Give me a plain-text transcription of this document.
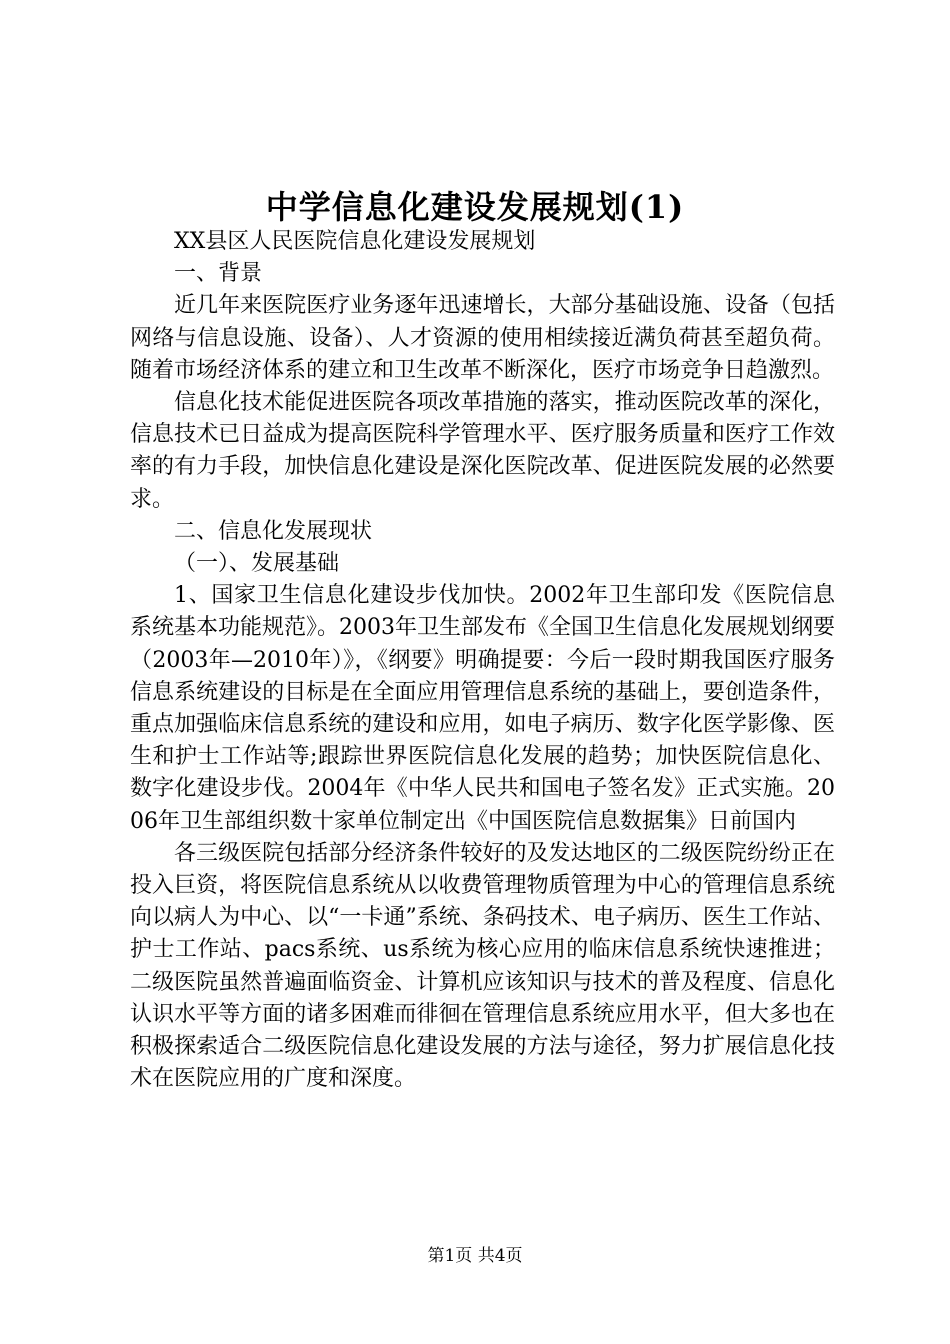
中学信息化建设发展规划(1)

XX县区人民医院信息化建设发展规划

一、背景

近几年来医院医疗业务逐年迅速增长，大部分基础设施、设备（包括网络与信息设施、设备）、人才资源的使用相续接近满负荷甚至超负荷。随着市场经济体系的建立和卫生改革不断深化，医疗市场竞争日趋激烈。

信息化技术能促进医院各项改革措施的落实，推动医院改革的深化，信息技术已日益成为提高医院科学管理水平、医疗服务质量和医疗工作效率的有力手段，加快信息化建设是深化医院改革、促进医院发展的必然要求。

二、信息化发展现状

（一）、发展基础

1、国家卫生信息化建设步伐加快。2002年卫生部印发《医院信息系统基本功能规范》。2003年卫生部发布《全国卫生信息化发展规划纲要（2003年—2010年）》，《纲要》明确提要：今后一段时期我国医疗服务信息系统建设的目标是在全面应用管理信息系统的基础上，要创造条件，重点加强临床信息系统的建设和应用，如电子病历、数字化医学影像、医生和护士工作站等;跟踪世界医院信息化发展的趋势；加快医院信息化、数字化建设步伐。2004年《中华人民共和国电子签名发》正式实施。2006年卫生部组织数十家单位制定出《中国医院信息数据集》日前国内

各三级医院包括部分经济条件较好的及发达地区的二级医院纷纷正在投入巨资，将医院信息系统从以收费管理物质管理为中心的管理信息系统向以病人为中心、以“一卡通”系统、条码技术、电子病历、医生工作站、护士工作站、pacs系统、us系统为核心应用的临床信息系统快速推进；二级医院虽然普遍面临资金、计算机应该知识与技术的普及程度、信息化认识水平等方面的诸多困难而徘徊在管理信息系统应用水平，但大多也在积极探索适合二级医院信息化建设发展的方法与途径，努力扩展信息化技术在医院应用的广度和深度。

第1页 共4页
